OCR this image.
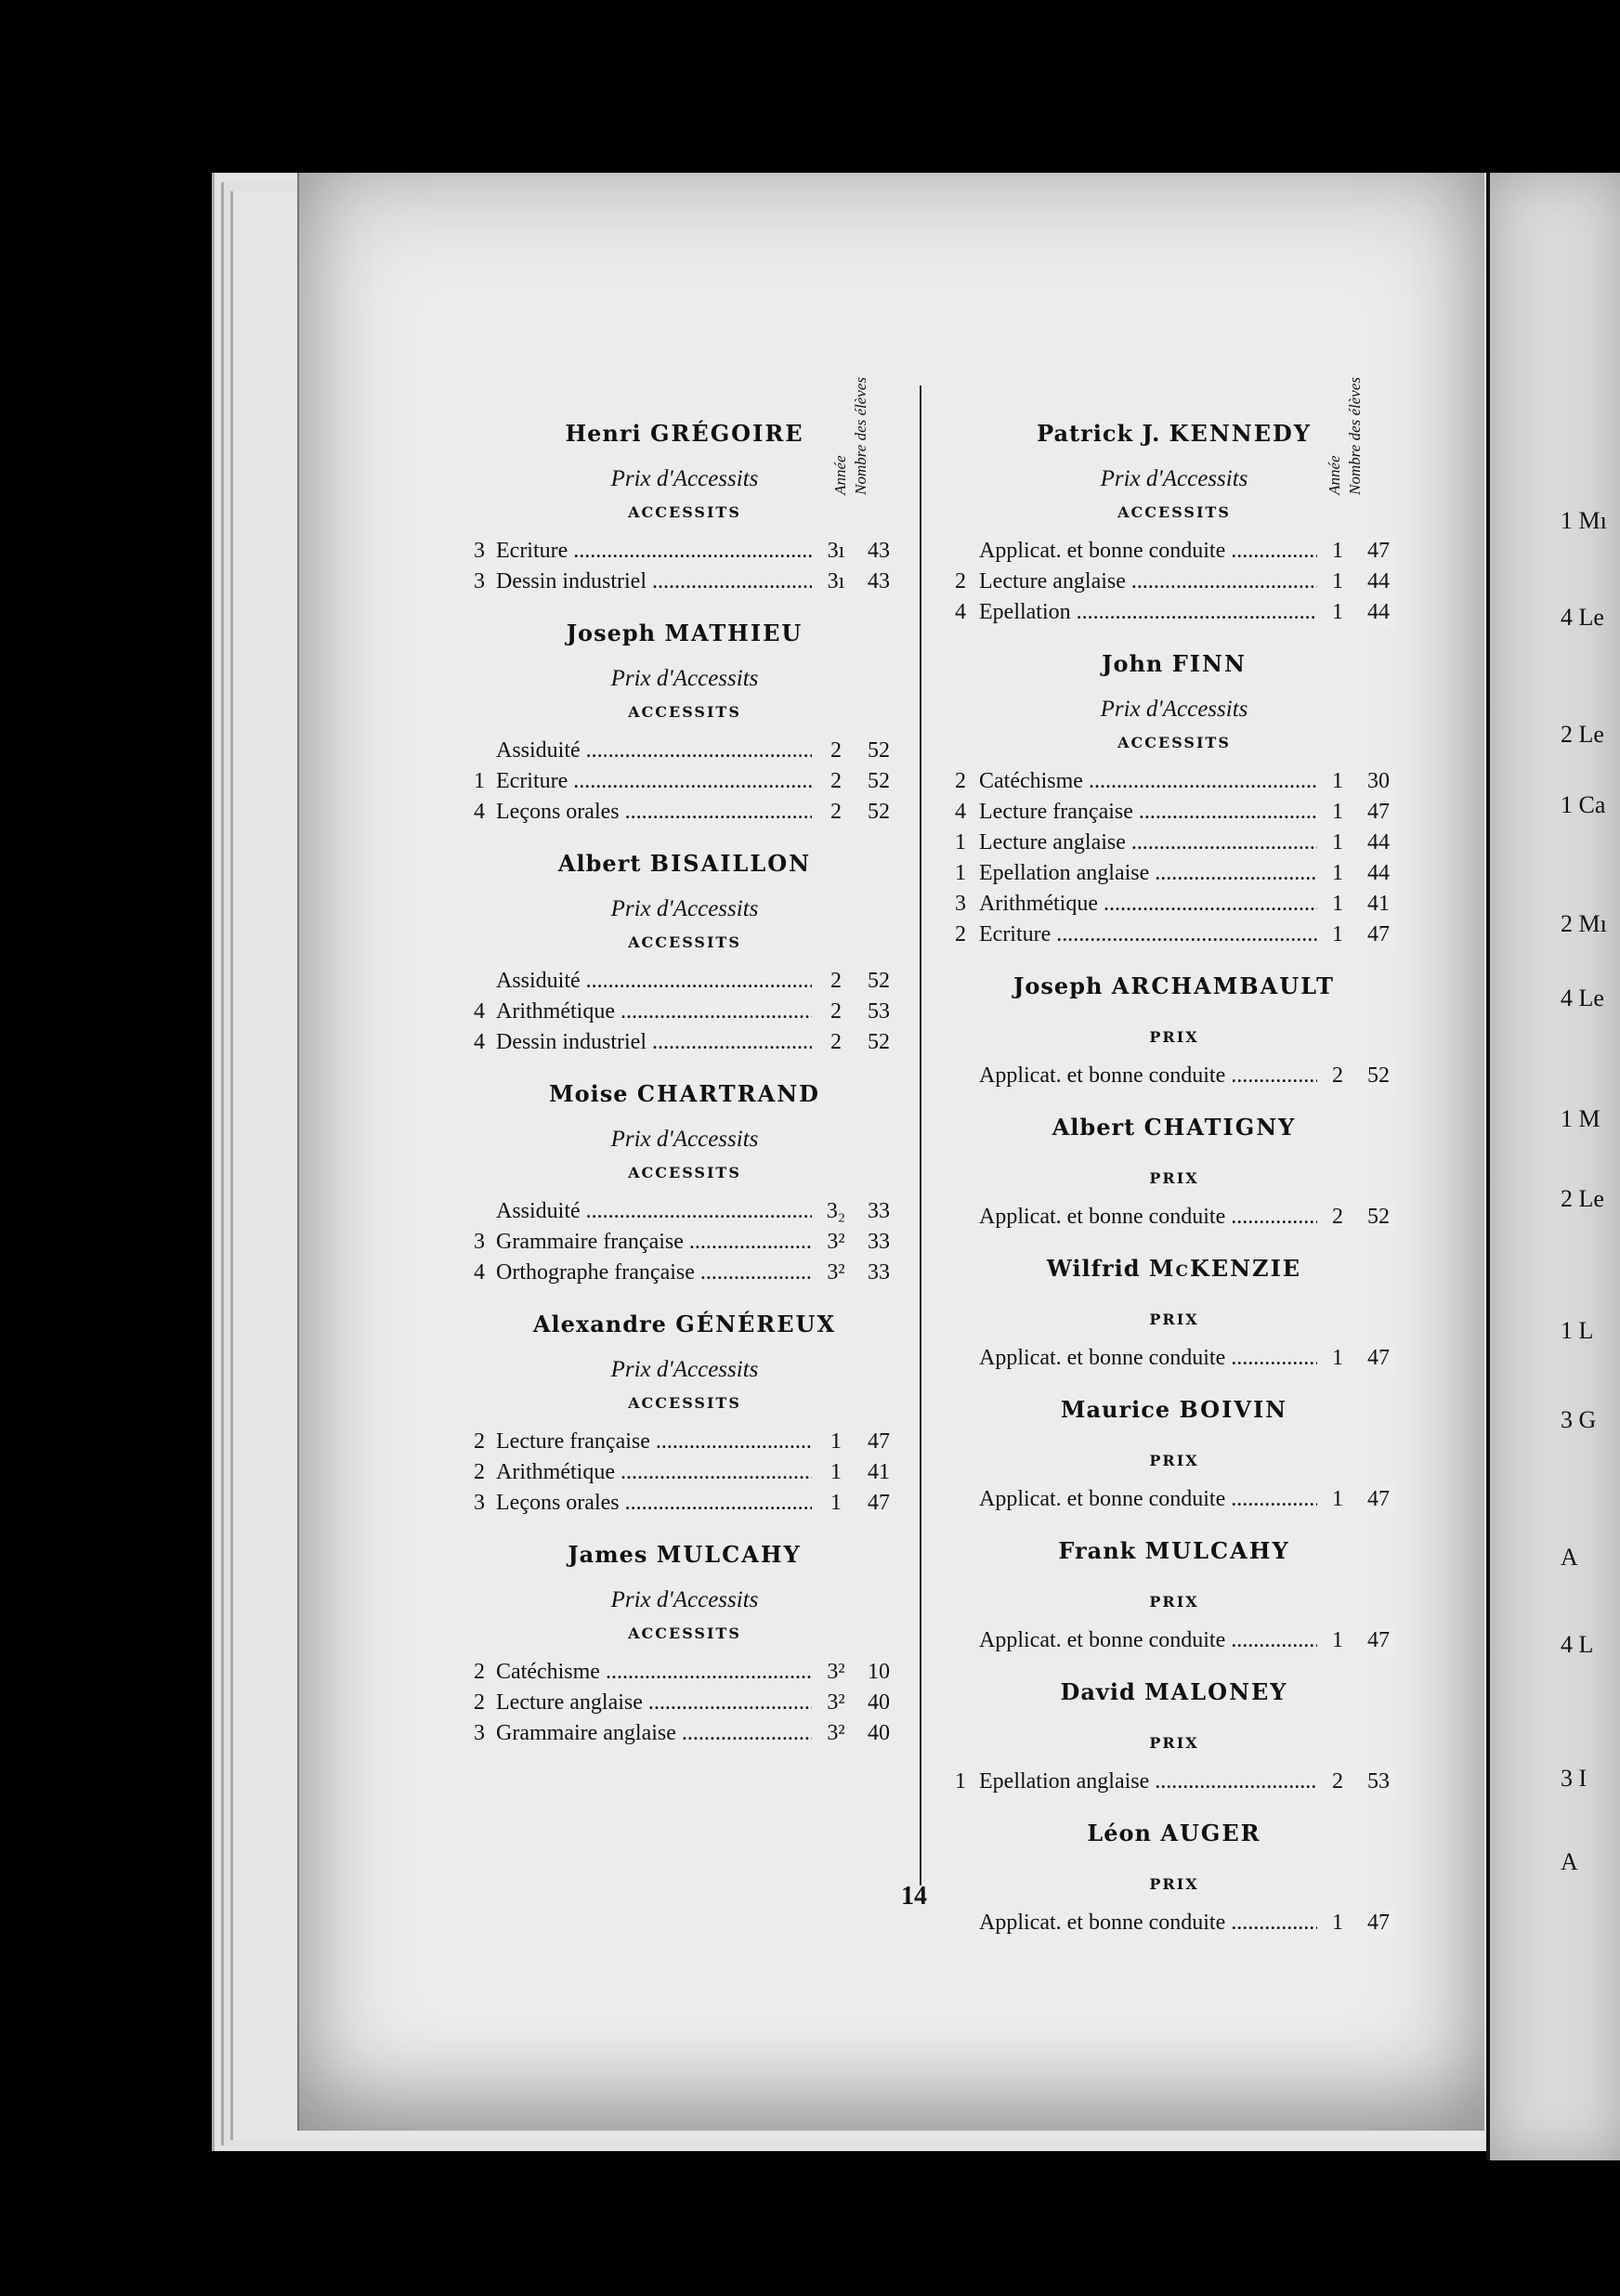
Henri GRÉGOIRE
Année Nombre des élèves
Prix d'Accessits
ACCESSITS
3 Ecriture .....	3ı	43
3 Dessin industriel .....	3ı	43
Joseph MATHIEU
Prix d'Accessits
ACCESSITS
Assiduité .....	2	52
1 Ecriture .....	2	52
4 Leçons orales .....	2	52
Albert BISAILLON
Prix d'Accessits
ACCESSITS
Assiduité .....	2	52
4 Arithmétique .....	2	53
4 Dessin industriel .....	2	52
Moise CHARTRAND
Prix d'Accessits
ACCESSITS
Assiduité .....	3₂ 33
3 Grammaire française .....	3²	33
4 Orthographe française .....	3²	33
Alexandre GÉNÉREUX
Prix d'Accessits
ACCESSITS
2 Lecture française .....	1	47
2 Arithmétique .....	1	41
3 Leçons orales .....	1	47
James MULCAHY
Prix d'Accessits
ACCESSITS
2 Catéchisme .....	3²	10
2 Lecture anglaise .....	3²	40
3 Grammaire anglaise .....	3²	40
Patrick J. KENNEDY
Année Nombre des élèves
Prix d'Accessits
ACCESSITS
Applicat. et bonne conduite .....	1	47
2 Lecture anglaise .....	1	44
4 Epellation .....	1	44
John FINN
Prix d'Accessits
ACCESSITS
2 Catéchisme .....	1	30
4 Lecture française .....	1	47
1 Lecture anglaise .....	1	44
1 Epellation anglaise .....	1	44
3 Arithmétique .....	1	41
2 Ecriture .....	1	47
Joseph ARCHAMBAULT
PRIX
Applicat. et bonne conduite .....	2	52
Albert CHATIGNY
PRIX
Applicat. et bonne conduite .....	2	52
Wilfrid McKENZIE
PRIX
Applicat. et bonne conduite .....	1	47
Maurice BOIVIN
PRIX
Applicat. et bonne conduite .....	1	47
Frank MULCAHY
PRIX
Applicat. et bonne conduite .....	1	47
David MALONEY
PRIX
1 Epellation anglaise .....	2	53
Léon AUGER
PRIX
Applicat. et bonne conduite .....	1	47
14
1 Mı
4 Le
2 Le
1 Ca
2 Mı
4 Le
1 M
2 Le
1 L
3 G
A
4 L
3 I
A
